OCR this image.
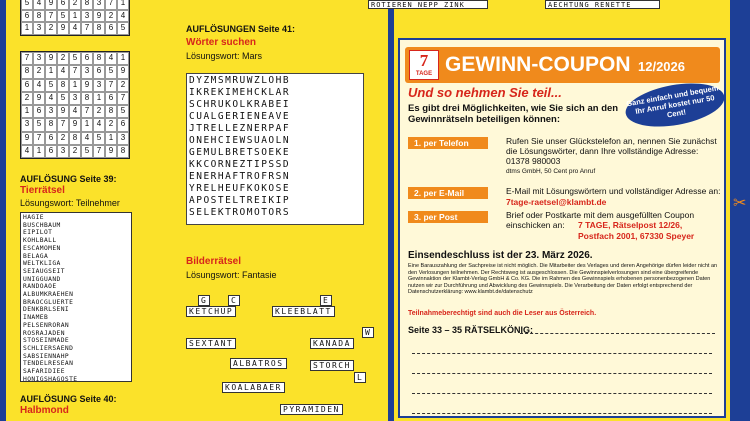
5 4 9 6 2 8 3 7 1
6 8 7 5 1 3 9 2 4
1 3 2 9 4 7 8 6 5
7 3 9 2 5 6 8 4 1
8 2 1 4 7 3 6 5 9
6 4 5 8 1 9 3 7 2
2 9 4 5 3 8 1 6 7
1 6 3 9 4 7 2 8 5
3 5 8 7 9 1 4 2 6
9 7 6 2 8 4 5 1 3
4 1 6 3 2 5 7 9 8
AUFLÖSUNG Seite 39:
Tierrätsel
Lösungswort: Teilnehmer
HAGIE
BUSCHBAUM
EIPILOT
KOHLBALL
ESCAMOMEN
BELAGA
WELTKLIGA
SEIAUGSEIT
UNIGGUAND
RANDOAOE
ALBUMKRAEHEN
BRAOCGLUERTE
DENKBRLSENI
INAMEB
PELSENRORAN
ROSRAJADEN
STOSEINMADE
SCHLIERSAEND
SABSIENNAHP
TENDELRESEAN
SAFARIDIEE
HONIGSHAGOSTE
AUFLÖSUNG Seite 40:
Halbmond
AUFLÖSUNGEN Seite 41:
Wörter suchen
Lösungswort: Mars
DYZMSMRUWZLOHB
IKREKIMEHCKLAR
SCHRUKOLKRABEI
CUALGERIENEAVE
JTRELLEZNERPAF
ONEHCIEWSUAOLN
GEMULBRETSOEKE
KKCORNEZTIPSSD
ENERHAFTROFRSN
YRELHEUFKOKOSE
APOSTELTREIKIP
SELEKTROMOTORS
Bilderrätsel
Lösungswort: Fantasie
KETCHUP	KLEEBLATT
SEXTANT	KANADA
ALBATROS	STORCH
KOALABAER
PYRAMIDEN
G	C	E
W
L
ROTIEREN NEPP ZINK	AECHTUNG RENETTE
7
TAGE GEWINN-COUPON 12/2026
Und so nehmen Sie teil...
Es gibt drei Möglichkeiten, wie Sie sich an den Gewinnrätseln beteiligen können:
1. per Telefon	Rufen Sie unser Glückstelefon an, nennen Sie zunächst die Lösungswörter, dann Ihre vollständige Adresse: 01378 980003
dtms GmbH, 50 Cent pro Anruf
2. per E-Mail	E-Mail mit Lösungswörtern und vollständiger Adresse an:
7tage-raetsel@klambt.de
3. per Post	Brief oder Postkarte mit dem ausgefüllten Coupon einschicken an:	7 TAGE, Rätselpost 12/26,
Postfach 2001, 67330 Speyer
Einsendeschluss ist der 23. März 2026.
Eine Barauszahlung der Sachpreise ist nicht möglich. Die Mitarbeiter des Verlages und deren Angehörige dürfen leider nicht an den Verlosungen teilnehmen. Der Rechtsweg ist ausgeschlossen. Die Gewinnspielverlosungen sind eine übergreifende Gewinnaktion der Klambt-Verlag GmbH & Co. KG. Die im Rahmen des Gewinnspiels erhobenen personenbezogenen Daten nutzen wir zur Durchführung und Abwicklung des Gewinnspiels. Die Verarbeitung der Daten erfolgt entsprechend der Datenschutzerklärung: www.klambt.de/datenschutz
Teilnahmeberechtigt sind auch die Leser aus Österreich.
Seite 33 – 35 RÄTSELKÖNIG:
Ganz einfach und bequem. Ihr Anruf kostet nur 50 Cent!
✂
